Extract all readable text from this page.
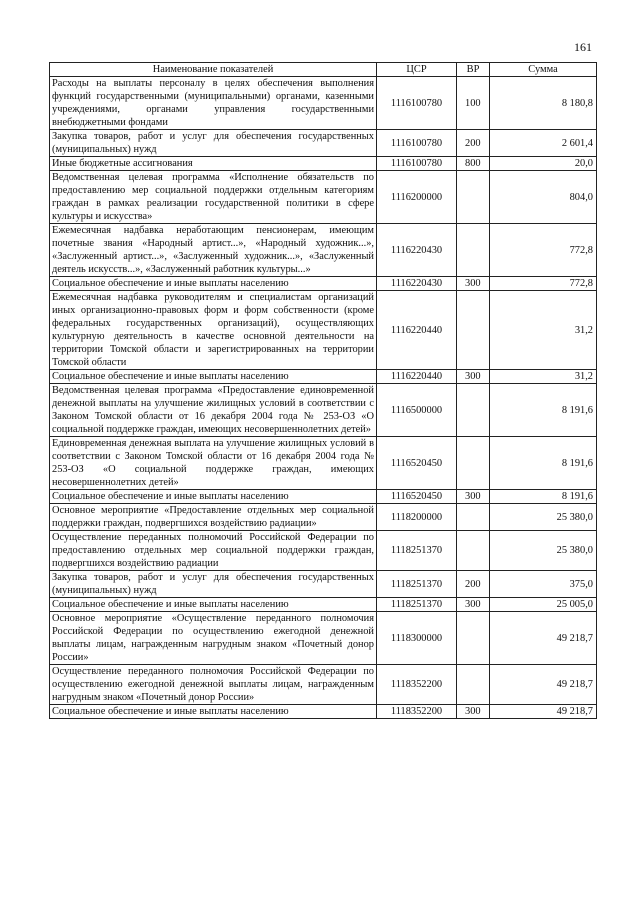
161
Наименование показателей	ЦСР	ВР	Сумма
Расходы на выплаты персоналу в целях обеспечения выполнения функций государственными (муниципальными) органами, казенными учреждениями, органами управления государственными внебюджетными фондами	1116100780	100	8 180,8
Закупка товаров, работ и услуг для обеспечения государственных (муниципальных) нужд	1116100780	200	2 601,4
Иные бюджетные ассигнования	1116100780	800	20,0
Ведомственная целевая программа «Исполнение обязательств по предоставлению мер социальной поддержки отдельным категориям граждан в рамках реализации государственной политики в сфере культуры и искусства»	1116200000		804,0
Ежемесячная надбавка неработающим пенсионерам, имеющим почетные звания «Народный артист...», «Народный художник...», «Заслуженный артист...», «Заслуженный художник...», «Заслуженный деятель искусств...», «Заслуженный работник культуры...»	1116220430		772,8
Социальное обеспечение и иные выплаты населению	1116220430	300	772,8
Ежемесячная надбавка руководителям и специалистам организаций иных организационно-правовых форм и форм собственности (кроме федеральных государственных организаций), осуществляющих культурную деятельность в качестве основной деятельности на территории Томской области и зарегистрированных на территории Томской области	1116220440		31,2
Социальное обеспечение и иные выплаты населению	1116220440	300	31,2
Ведомственная целевая программа «Предоставление единовременной денежной выплаты на улучшение жилищных условий в соответствии с Законом Томской области от 16 декабря 2004 года № 253-ОЗ «О социальной поддержке граждан, имеющих несовершеннолетних детей»	1116500000		8 191,6
Единовременная денежная выплата на улучшение жилищных условий в соответствии с Законом Томской области от 16 декабря 2004 года № 253-ОЗ «О социальной поддержке граждан, имеющих несовершеннолетних детей»	1116520450		8 191,6
Социальное обеспечение и иные выплаты населению	1116520450	300	8 191,6
Основное мероприятие «Предоставление отдельных мер социальной поддержки граждан, подвергшихся воздействию радиации»	1118200000		25 380,0
Осуществление переданных полномочий Российской Федерации по предоставлению отдельных мер социальной поддержки граждан, подвергшихся воздействию радиации	1118251370		25 380,0
Закупка товаров, работ и услуг для обеспечения государственных (муниципальных) нужд	1118251370	200	375,0
Социальное обеспечение и иные выплаты населению	1118251370	300	25 005,0
Основное мероприятие «Осуществление переданного полномочия Российской Федерации по осуществлению ежегодной денежной выплаты лицам, награжденным нагрудным знаком «Почетный донор России»	1118300000		49 218,7
Осуществление переданного полномочия Российской Федерации по осуществлению ежегодной денежной выплаты лицам, награжденным нагрудным знаком «Почетный донор России»	1118352200		49 218,7
Социальное обеспечение и иные выплаты населению	1118352200	300	49 218,7
